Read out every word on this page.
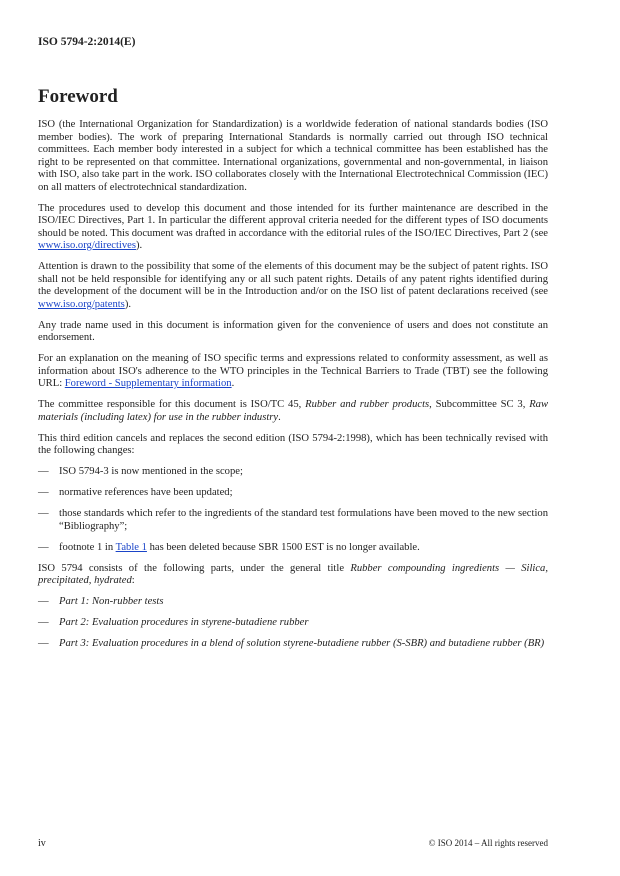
ISO 5794-2:2014(E)
Foreword

ISO (the International Organization for Standardization) is a worldwide federation of national standards bodies (ISO member bodies). The work of preparing International Standards is normally carried out through ISO technical committees. Each member body interested in a subject for which a technical committee has been established has the right to be represented on that committee. International organizations, governmental and non-governmental, in liaison with ISO, also take part in the work. ISO collaborates closely with the International Electrotechnical Commission (IEC) on all matters of electrotechnical standardization.

The procedures used to develop this document and those intended for its further maintenance are described in the ISO/IEC Directives, Part 1. In particular the different approval criteria needed for the different types of ISO documents should be noted. This document was drafted in accordance with the editorial rules of the ISO/IEC Directives, Part 2 (see www.iso.org/directives).

Attention is drawn to the possibility that some of the elements of this document may be the subject of patent rights. ISO shall not be held responsible for identifying any or all such patent rights. Details of any patent rights identified during the development of the document will be in the Introduction and/or on the ISO list of patent declarations received (see www.iso.org/patents).

Any trade name used in this document is information given for the convenience of users and does not constitute an endorsement.

For an explanation on the meaning of ISO specific terms and expressions related to conformity assessment, as well as information about ISO's adherence to the WTO principles in the Technical Barriers to Trade (TBT) see the following URL: Foreword - Supplementary information.

The committee responsible for this document is ISO/TC 45, Rubber and rubber products, Subcommittee SC 3, Raw materials (including latex) for use in the rubber industry.

This third edition cancels and replaces the second edition (ISO 5794-2:1998), which has been technically revised with the following changes:

— ISO 5794-3 is now mentioned in the scope;
— normative references have been updated;
— those standards which refer to the ingredients of the standard test formulations have been moved to the new section “Bibliography”;
— footnote 1 in Table 1 has been deleted because SBR 1500 EST is no longer available.

ISO 5794 consists of the following parts, under the general title Rubber compounding ingredients — Silica, precipitated, hydrated:

— Part 1: Non-rubber tests
— Part 2: Evaluation procedures in styrene-butadiene rubber
— Part 3: Evaluation procedures in a blend of solution styrene-butadiene rubber (S-SBR) and butadiene rubber (BR)
iv	© ISO 2014 – All rights reserved
